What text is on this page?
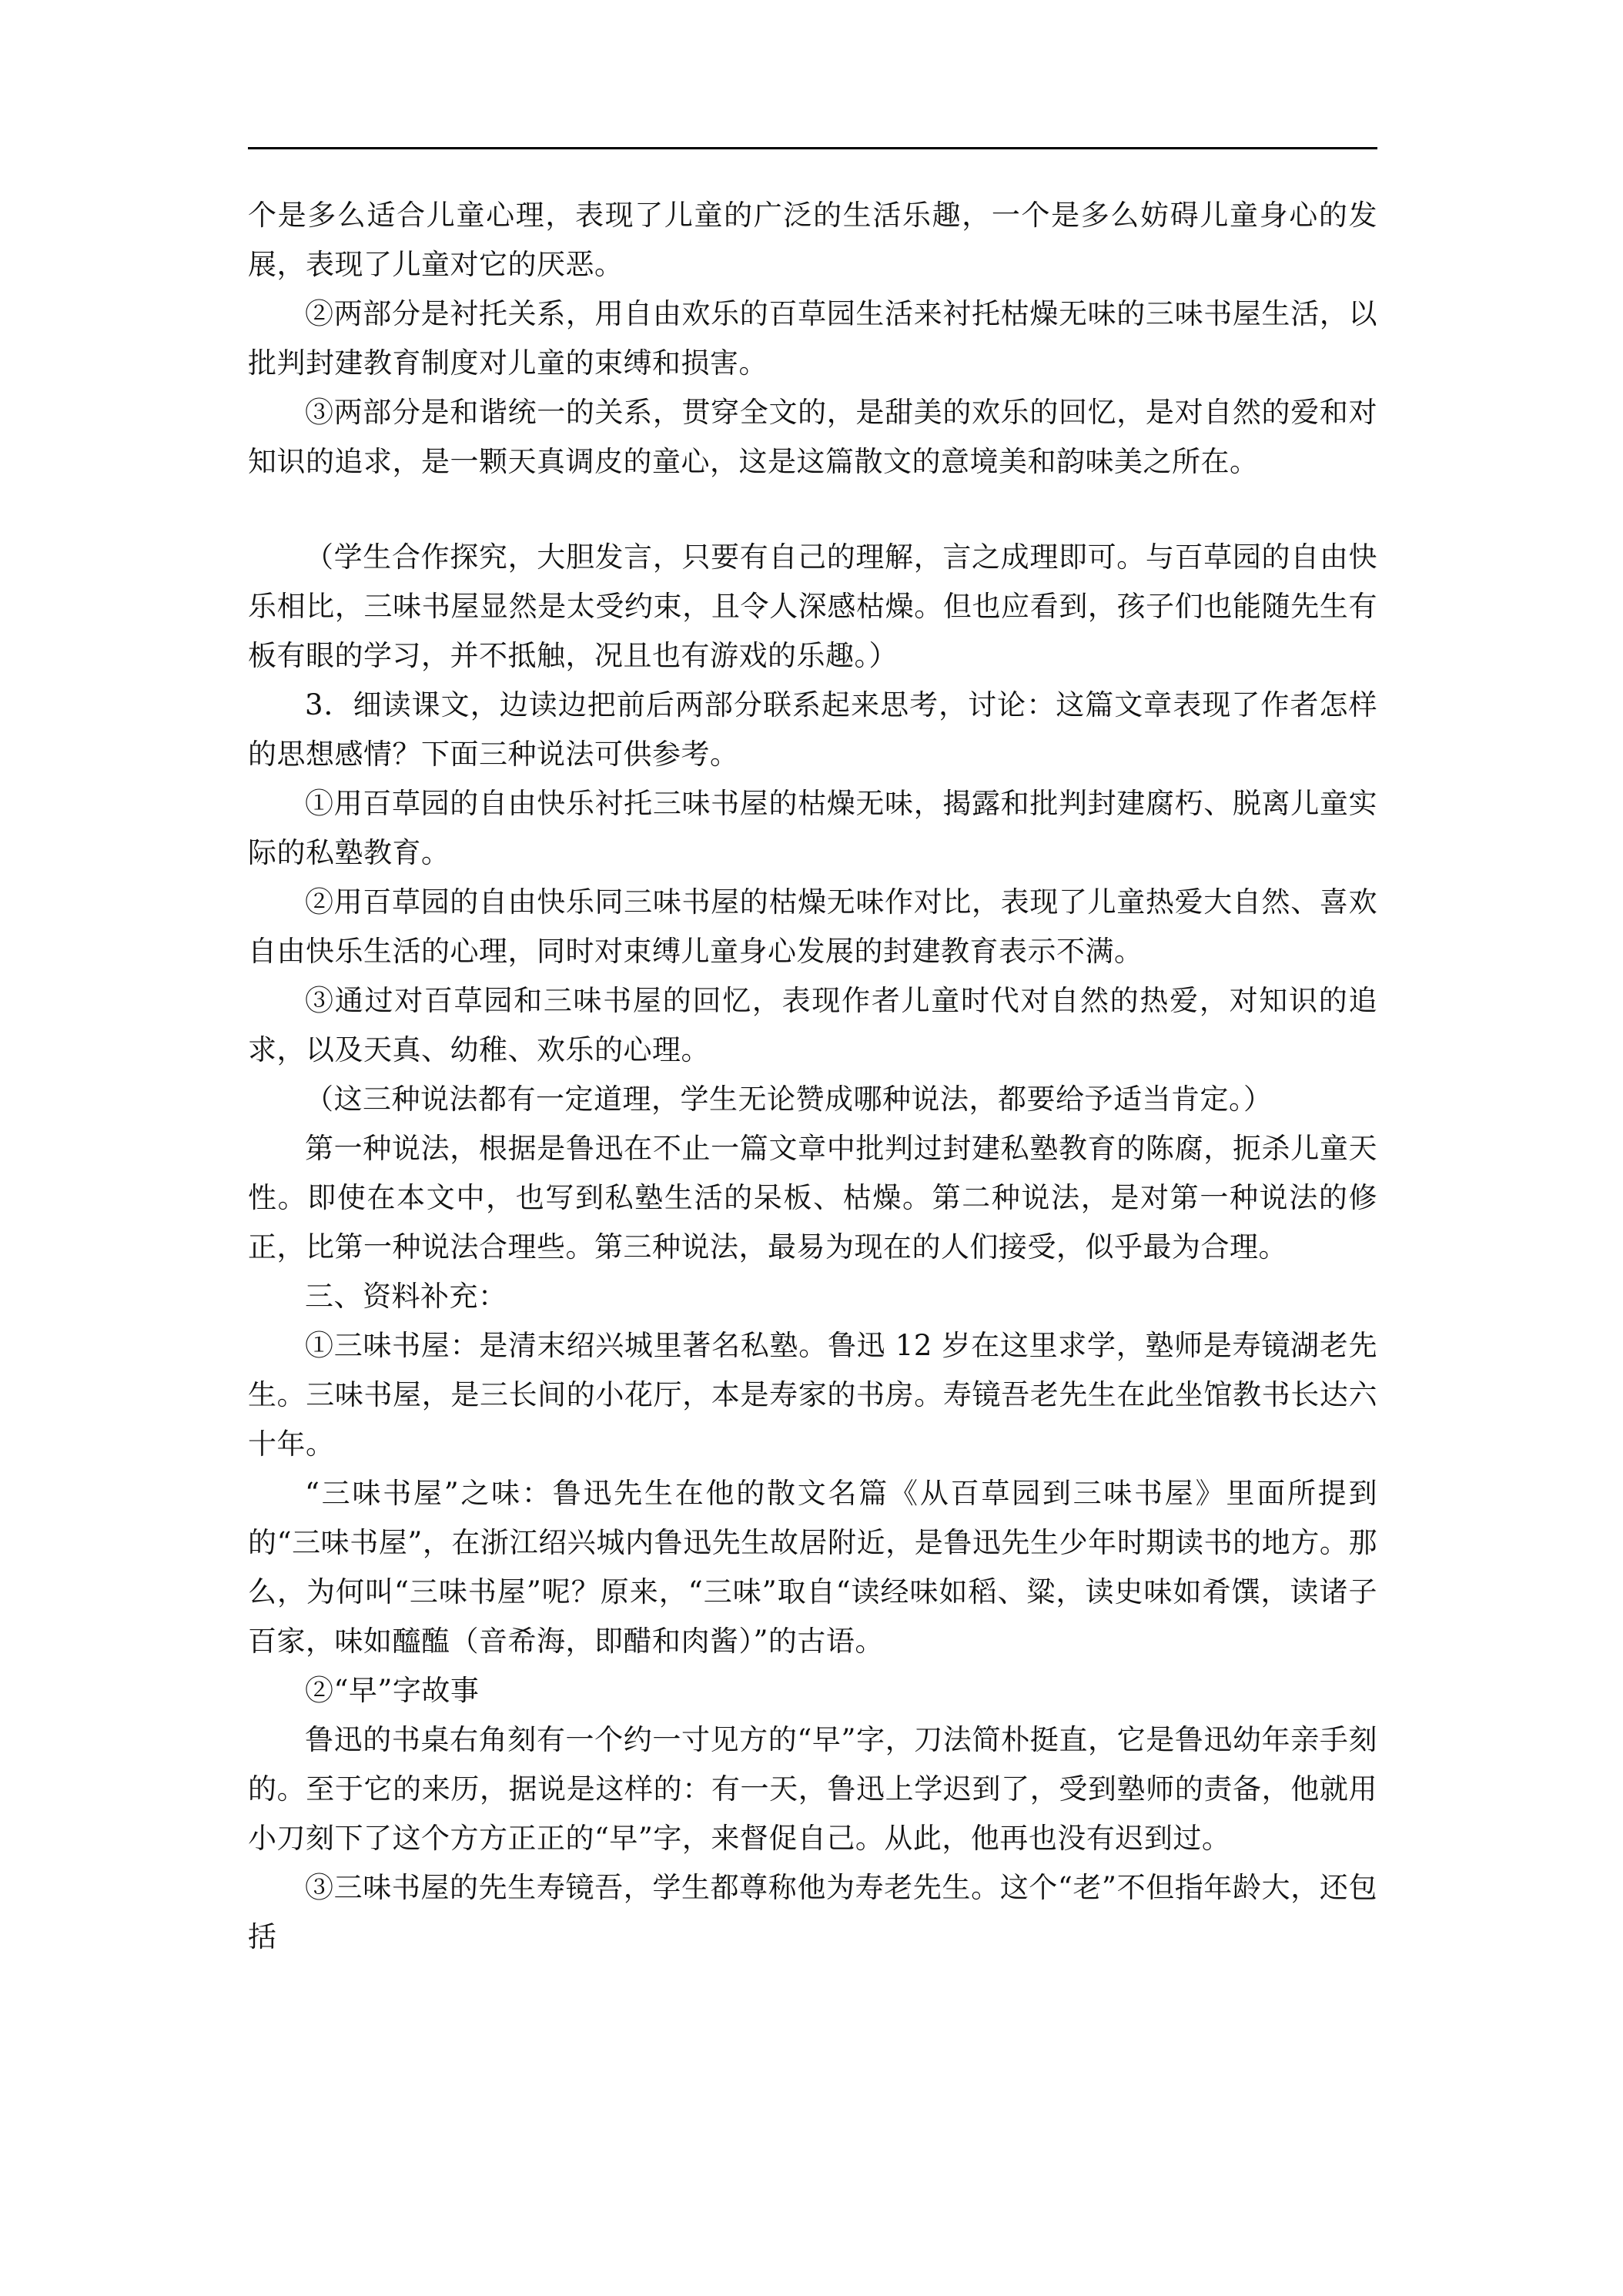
个是多么适合儿童心理，表现了儿童的广泛的生活乐趣，一个是多么妨碍儿童身心的发展，表现了儿童对它的厌恶。

②两部分是衬托关系，用自由欢乐的百草园生活来衬托枯燥无味的三味书屋生活，以批判封建教育制度对儿童的束缚和损害。

③两部分是和谐统一的关系，贯穿全文的，是甜美的欢乐的回忆，是对自然的爱和对知识的追求，是一颗天真调皮的童心，这是这篇散文的意境美和韵味美之所在。

（学生合作探究，大胆发言，只要有自己的理解，言之成理即可。与百草园的自由快乐相比，三味书屋显然是太受约束，且令人深感枯燥。但也应看到，孩子们也能随先生有板有眼的学习，并不抵触，况且也有游戏的乐趣。）

3．细读课文，边读边把前后两部分联系起来思考，讨论：这篇文章表现了作者怎样的思想感情？下面三种说法可供参考。

①用百草园的自由快乐衬托三味书屋的枯燥无味，揭露和批判封建腐朽、脱离儿童实际的私塾教育。

②用百草园的自由快乐同三味书屋的枯燥无味作对比，表现了儿童热爱大自然、喜欢自由快乐生活的心理，同时对束缚儿童身心发展的封建教育表示不满。

③通过对百草园和三味书屋的回忆，表现作者儿童时代对自然的热爱，对知识的追求，以及天真、幼稚、欢乐的心理。

（这三种说法都有一定道理，学生无论赞成哪种说法，都要给予适当肯定。）

第一种说法，根据是鲁迅在不止一篇文章中批判过封建私塾教育的陈腐，扼杀儿童天性。即使在本文中，也写到私塾生活的呆板、枯燥。第二种说法，是对第一种说法的修正，比第一种说法合理些。第三种说法，最易为现在的人们接受，似乎最为合理。

三、资料补充：

①三味书屋：是清末绍兴城里著名私塾。鲁迅 12 岁在这里求学，塾师是寿镜湖老先生。三味书屋，是三长间的小花厅，本是寿家的书房。寿镜吾老先生在此坐馆教书长达六十年。

“三味书屋”之味：鲁迅先生在他的散文名篇《从百草园到三味书屋》里面所提到的“三味书屋”，在浙江绍兴城内鲁迅先生故居附近，是鲁迅先生少年时期读书的地方。那么，为何叫“三味书屋”呢？原来，“三味”取自“读经味如稻、粱，读史味如肴馔，读诸子百家，味如醯醢（音希海，即醋和肉酱）”的古语。

②“早”字故事

鲁迅的书桌右角刻有一个约一寸见方的“早”字，刀法简朴挺直，它是鲁迅幼年亲手刻的。至于它的来历，据说是这样的：有一天，鲁迅上学迟到了，受到塾师的责备，他就用小刀刻下了这个方方正正的“早”字，来督促自己。从此，他再也没有迟到过。

③三味书屋的先生寿镜吾，学生都尊称他为寿老先生。这个“老”不但指年龄大，还包括
